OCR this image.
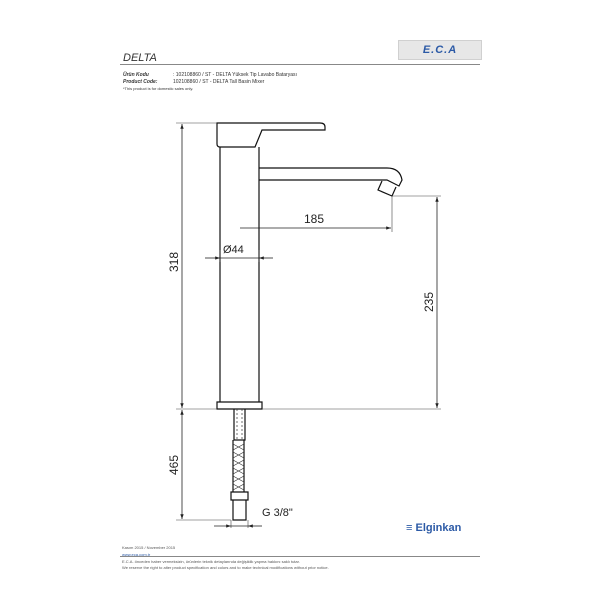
DELTA
E.C.A
Ürün Kodu	: 102108860 / ST - DELTA Yüksek Tip Lavabo Bataryası
Product Code:	102108860 / ST - DELTA Tall Basin Mixer
*This product is for domestic sales only.
318
465
235
185
Ø44
G 3/8"
Kasım 2015 / November 2015
www.eca.com.tr
E.C.A. önceden haber vermeksizin, ürünlerin teknik detaylarında değişiklik yapma hakkını saklı tutar.
We reserve the right to alter product specification and colors and to make technical modifications without prior notice.
≡ Elginkan
